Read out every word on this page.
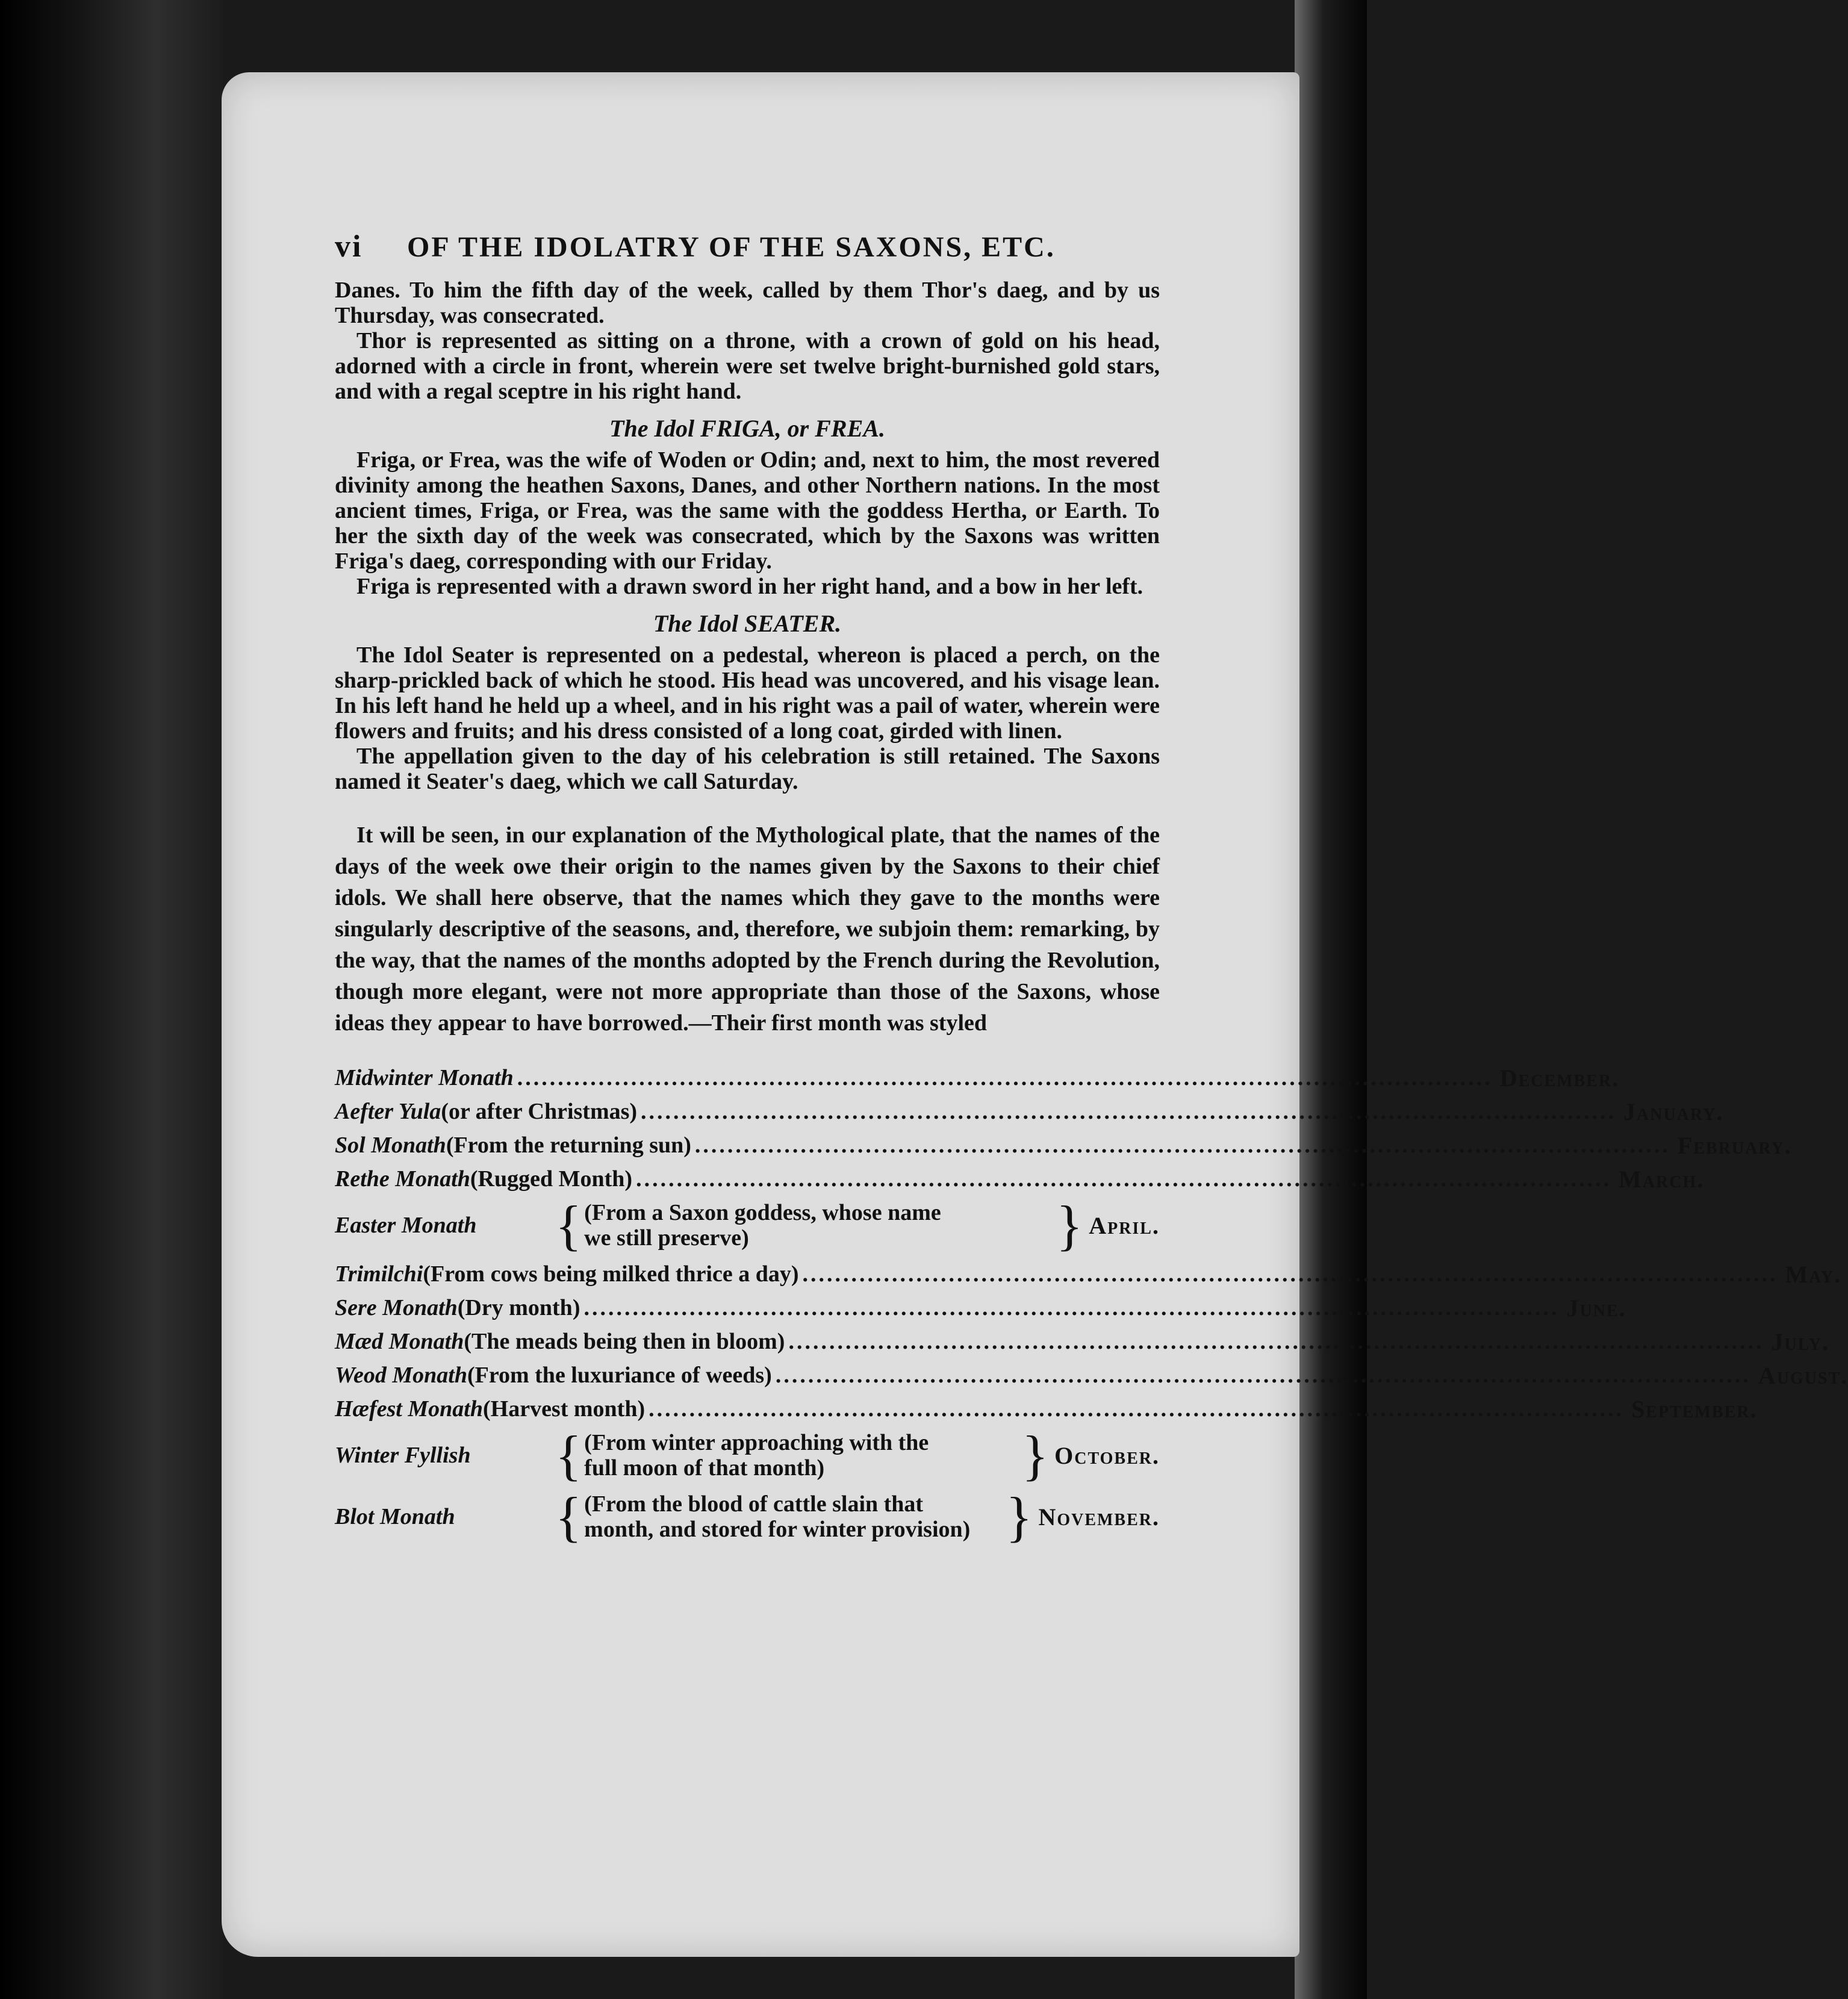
vi	OF THE IDOLATRY OF THE SAXONS, ETC.

Danes. To him the fifth day of the week, called by them Thor's daeg, and by us Thursday, was consecrated.

Thor is represented as sitting on a throne, with a crown of gold on his head, adorned with a circle in front, wherein were set twelve bright-burnished gold stars, and with a regal sceptre in his right hand.

The Idol FRIGA, or FREA.

Friga, or Frea, was the wife of Woden or Odin; and, next to him, the most revered divinity among the heathen Saxons, Danes, and other Northern nations. In the most ancient times, Friga, or Frea, was the same with the goddess Hertha, or Earth. To her the sixth day of the week was consecrated, which by the Saxons was written Friga's daeg, corresponding with our Friday.

Friga is represented with a drawn sword in her right hand, and a bow in her left.

The Idol SEATER.

The Idol Seater is represented on a pedestal, whereon is placed a perch, on the sharp-prickled back of which he stood. His head was uncovered, and his visage lean. In his left hand he held up a wheel, and in his right was a pail of water, wherein were flowers and fruits; and his dress consisted of a long coat, girded with linen.

The appellation given to the day of his celebration is still retained. The Saxons named it Seater's daeg, which we call Saturday.

It will be seen, in our explanation of the Mythological plate, that the names of the days of the week owe their origin to the names given by the Saxons to their chief idols. We shall here observe, that the names which they gave to the months were singularly descriptive of the seasons, and, therefore, we subjoin them: remarking, by the way, that the names of the months adopted by the French during the Revolution, though more elegant, were not more appropriate than those of the Saxons, whose ideas they appear to have borrowed.—Their first month was styled

Midwinter Monath ........................................................................................................................ December.
Aefter Yula (or after Christmas) ........................................................................................................................ January.
Sol Monath (From the returning sun) ........................................................................................................................ February.
Rethe Monath (Rugged Month) ........................................................................................................................ March.
Easter Monath	{ (From a Saxon goddess, whose name
we still preserve)	} April.
Trimilchi (From cows being milked thrice a day) ........................................................................................................................ May.
Sere Monath (Dry month) ........................................................................................................................ June.
Mæd Monath (The meads being then in bloom) ........................................................................................................................ July.
Weod Monath (From the luxuriance of weeds) ........................................................................................................................ August.
Hæfest Monath (Harvest month) ........................................................................................................................ September.
Winter Fyllish	{ (From winter approaching with the
full moon of that month)	} October.
Blot Monath	{ (From the blood of cattle slain that
month, and stored for winter provision) } November.
